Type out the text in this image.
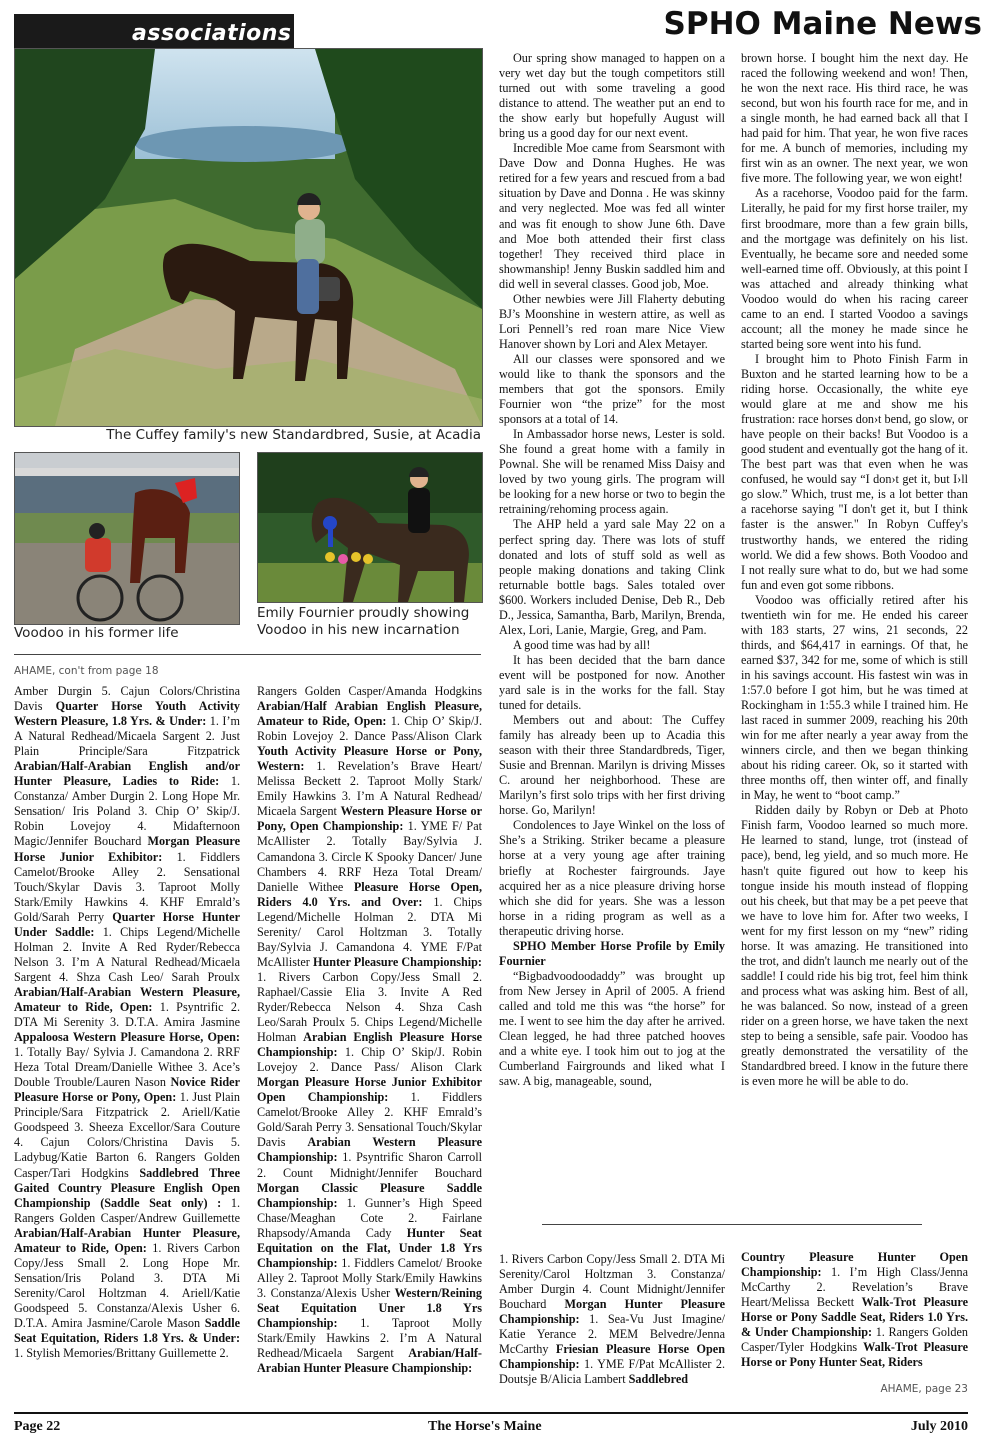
associations	SPHO Maine News
The Cuffey family's new Standardbred, Susie, at Acadia
Voodoo in his former life
Emily Fournier proudly showing
Voodoo in his new incarnation
AHAME, con't from page 18

Amber Durgin 5. Cajun Colors/Christina Davis Quarter Horse Youth Activity Western Pleasure, 1.8 Yrs. & Under: 1. I’m A Natural Redhead/Micaela Sargent 2. Just Plain Principle/Sara Fitzpatrick Arabian/Half-Arabian English and/or Hunter Pleasure, Ladies to Ride: 1. Constanza/ Amber Durgin 2. Long Hope Mr. Sensation/ Iris Poland 3. Chip O’ Skip/J. Robin Lovejoy 4. Midafternoon Magic/Jennifer Bouchard Morgan Pleasure Horse Junior Exhibitor: 1. Fiddlers Camelot/Brooke Alley 2. Sensational Touch/Skylar Davis 3. Taproot Molly Stark/Emily Hawkins 4. KHF Emrald’s Gold/Sarah Perry Quarter Horse Hunter Under Saddle: 1. Chips Legend/Michelle Holman 2. Invite A Red Ryder/Rebecca Nelson 3. I’m A Natural Redhead/Micaela Sargent 4. Shza Cash Leo/ Sarah Proulx Arabian/Half-Arabian Western Pleasure, Amateur to Ride, Open: 1. Psyntrific 2. DTA Mi Serenity 3. D.T.A. Amira Jasmine Appaloosa Western Pleasure Horse, Open: 1. Totally Bay/ Sylvia J. Camandona 2. RRF Heza Total Dream/Danielle Withee 3. Ace’s Double Trouble/Lauren Nason Novice Rider Pleasure Horse or Pony, Open: 1. Just Plain Principle/Sara Fitzpatrick 2. Ariell/Katie Goodspeed 3. Sheeza Excellor/Sara Couture 4. Cajun Colors/Christina Davis 5. Ladybug/Katie Barton 6. Rangers Golden Casper/Tari Hodgkins Saddlebred Three Gaited Country Pleasure English Open Championship (Saddle Seat only) : 1. Rangers Golden Casper/Andrew Guillemette Arabian/Half-Arabian Hunter Pleasure, Amateur to Ride, Open: 1. Rivers Carbon Copy/Jess Small 2. Long Hope Mr. Sensation/Iris Poland 3. DTA Mi Serenity/Carol Holtzman 4. Ariell/Katie Goodspeed 5. Constanza/Alexis Usher 6. D.T.A. Amira Jasmine/Carole Mason Saddle Seat Equitation, Riders 1.8 Yrs. & Under: 1. Stylish Memories/Brittany Guillemette 2.

Rangers Golden Casper/Amanda Hodgkins Arabian/Half Arabian English Pleasure, Amateur to Ride, Open: 1. Chip O’ Skip/J. Robin Lovejoy 2. Dance Pass/Alison Clark Youth Activity Pleasure Horse or Pony, Western: 1. Revelation’s Brave Heart/ Melissa Beckett 2. Taproot Molly Stark/ Emily Hawkins 3. I’m A Natural Redhead/ Micaela Sargent Western Pleasure Horse or Pony, Open Championship: 1. YME F/ Pat McAllister 2. Totally Bay/Sylvia J. Camandona 3. Circle K Spooky Dancer/ June Chambers 4. RRF Heza Total Dream/ Danielle Withee Pleasure Horse Open, Riders 4.0 Yrs. and Over: 1. Chips Legend/Michelle Holman 2. DTA Mi Serenity/ Carol Holtzman 3. Totally Bay/Sylvia J. Camandona 4. YME F/Pat McAllister Hunter Pleasure Championship: 1. Rivers Carbon Copy/Jess Small 2. Raphael/Cassie Elia 3. Invite A Red Ryder/Rebecca Nelson 4. Shza Cash Leo/Sarah Proulx 5. Chips Legend/Michelle Holman Arabian English Pleasure Horse Championship: 1. Chip O’ Skip/J. Robin Lovejoy 2. Dance Pass/ Alison Clark Morgan Pleasure Horse Junior Exhibitor Open Championship: 1. Fiddlers Camelot/Brooke Alley 2. KHF Emrald’s Gold/Sarah Perry 3. Sensational Touch/Skylar Davis Arabian Western Pleasure Championship: 1. Psyntrific Sharon Carroll 2. Count Midnight/Jennifer Bouchard Morgan Classic Pleasure Saddle Championship: 1. Gunner’s High Speed Chase/Meaghan Cote 2. Fairlane Rhapsody/Amanda Cady Hunter Seat Equitation on the Flat, Under 1.8 Yrs Championship: 1. Fiddlers Camelot/ Brooke Alley 2. Taproot Molly Stark/Emily Hawkins 3. Constanza/Alexis Usher Western/Reining Seat Equitation Uner 1.8 Yrs Championship: 1. Taproot Molly Stark/Emily Hawkins 2. I’m A Natural Redhead/Micaela Sargent Arabian/Half-Arabian Hunter Pleasure Championship:

Our spring show managed to happen on a very wet day but the tough competitors still turned out with some traveling a good distance to attend. The weather put an end to the show early but hopefully August will bring us a good day for our next event.

Incredible Moe came from Searsmont with Dave Dow and Donna Hughes. He was retired for a few years and rescued from a bad situation by Dave and Donna . He was skinny and very neglected. Moe was fed all winter and was fit enough to show June 6th. Dave and Moe both attended their first class together! They received third place in showmanship! Jenny Buskin saddled him and did well in several classes. Good job, Moe.

Other newbies were Jill Flaherty debuting BJ’s Moonshine in western attire, as well as Lori Pennell’s red roan mare Nice View Hanover shown by Lori and Alex Metayer.

All our classes were sponsored and we would like to thank the sponsors and the members that got the sponsors. Emily Fournier won “the prize” for the most sponsors at a total of 14.

In Ambassador horse news, Lester is sold. She found a great home with a family in Pownal. She will be renamed Miss Daisy and loved by two young girls. The program will be looking for a new horse or two to begin the retraining/rehoming process again.

The AHP held a yard sale May 22 on a perfect spring day. There was lots of stuff donated and lots of stuff sold as well as people making donations and taking Clink returnable bottle bags. Sales totaled over $600. Workers included Denise, Deb R., Deb D., Jessica, Samantha, Barb, Marilyn, Brenda, Alex, Lori, Lanie, Margie, Greg, and Pam.

A good time was had by all!

It has been decided that the barn dance event will be postponed for now. Another yard sale is in the works for the fall. Stay tuned for details.

Members out and about: The Cuffey family has already been up to Acadia this season with their three Standardbreds, Tiger, Susie and Brennan. Marilyn is driving Misses C. around her neighborhood. These are Marilyn’s first solo trips with her first driving horse. Go, Marilyn!

Condolences to Jaye Winkel on the loss of She’s a Striking. Striker became a pleasure horse at a very young age after training briefly at Rochester fairgrounds. Jaye acquired her as a nice pleasure driving horse which she did for years. She was a lesson horse in a riding program as well as a therapeutic driving horse.

SPHO Member Horse Profile by Emily Fournier

“Bigbadvoodoodaddy” was brought up from New Jersey in April of 2005. A friend called and told me this was “the horse” for me. I went to see him the day after he arrived. Clean legged, he had three patched hooves and a white eye. I took him out to jog at the Cumberland Fairgrounds and liked what I saw. A big, manageable, sound,

brown horse. I bought him the next day. He raced the following weekend and won! Then, he won the next race. His third race, he was second, but won his fourth race for me, and in a single month, he had earned back all that I had paid for him. That year, he won five races for me. A bunch of memories, including my first win as an owner. The next year, we won five more. The following year, we won eight!

As a racehorse, Voodoo paid for the farm. Literally, he paid for my first horse trailer, my first broodmare, more than a few grain bills, and the mortgage was definitely on his list. Eventually, he became sore and needed some well-earned time off. Obviously, at this point I was attached and already thinking what Voodoo would do when his racing career came to an end. I started Voodoo a savings account; all the money he made since he started being sore went into his fund.

I brought him to Photo Finish Farm in Buxton and he started learning how to be a riding horse. Occasionally, the white eye would glare at me and show me his frustration: race horses don›t bend, go slow, or have people on their backs! But Voodoo is a good student and eventually got the hang of it. The best part was that even when he was confused, he would say “I don›t get it, but I›ll go slow.” Which, trust me, is a lot better than a racehorse saying "I don't get it, but I think faster is the answer." In Robyn Cuffey's trustworthy hands, we entered the riding world. We did a few shows. Both Voodoo and I not really sure what to do, but we had some fun and even got some ribbons.

Voodoo was officially retired after his twentieth win for me. He ended his career with 183 starts, 27 wins, 21 seconds, 22 thirds, and $64,417 in earnings. Of that, he earned $37, 342 for me, some of which is still in his savings account. His fastest win was in 1:57.0 before I got him, but he was timed at Rockingham in 1:55.3 while I trained him. He last raced in summer 2009, reaching his 20th win for me after nearly a year away from the winners circle, and then we began thinking about his riding career. Ok, so it started with three months off, then winter off, and finally in May, he went to “boot camp.”

Ridden daily by Robyn or Deb at Photo Finish farm, Voodoo learned so much more. He learned to stand, lunge, trot (instead of pace), bend, leg yield, and so much more. He hasn't quite figured out how to keep his tongue inside his mouth instead of flopping out his cheek, but that may be a pet peeve that we have to love him for. After two weeks, I went for my first lesson on my “new” riding horse. It was amazing. He transitioned into the trot, and didn't launch me nearly out of the saddle! I could ride his big trot, feel him think and process what was asking him. Best of all, he was balanced. So now, instead of a green rider on a green horse, we have taken the next step to being a sensible, safe pair. Voodoo has greatly demonstrated the versatility of the Standardbred breed. I know in the future there is even more he will be able to do.

1. Rivers Carbon Copy/Jess Small 2. DTA Mi Serenity/Carol Holtzman 3. Constanza/ Amber Durgin 4. Count Midnight/Jennifer Bouchard Morgan Hunter Pleasure Championship: 1. Sea-Vu Just Imagine/ Katie Yerance 2. MEM Belvedre/Jenna McCarthy Friesian Pleasure Horse Open Championship: 1. YME F/Pat McAllister 2. Doutsje B/Alicia Lambert Saddlebred

Country Pleasure Hunter Open Championship: 1. I’m High Class/Jenna McCarthy 2. Revelation’s Brave Heart/Melissa Beckett Walk-Trot Pleasure Horse or Pony Saddle Seat, Riders 1.0 Yrs. & Under Championship: 1. Rangers Golden Casper/Tyler Hodgkins Walk-Trot Pleasure Horse or Pony Hunter Seat, Riders

AHAME, page 23
Page 22	The Horse's Maine	July 2010
